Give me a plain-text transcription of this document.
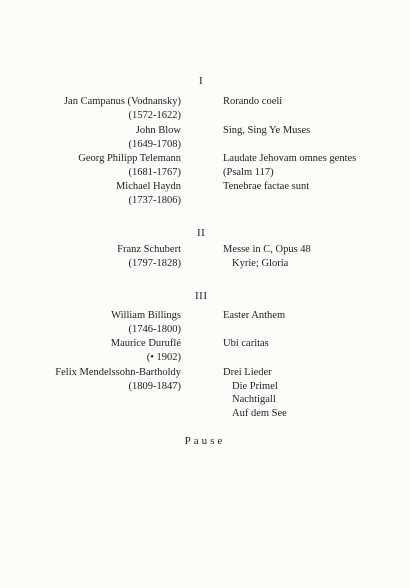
I
Jan Campanus (Vodnansky)
(1572-1622)
Rorando coeli
John Blow
(1649-1708)
Sing, Sing Ye Muses
Georg Philipp Telemann
(1681-1767)
Laudate Jehovam omnes gentes
(Psalm 117)
Michael Haydn
(1737-1806)
Tenebrae factae sunt
II
Franz Schubert
(1797-1828)
Messe in C, Opus 48
Kyrie; Gloria
III
William Billings
(1746-1800)
Easter Anthem
Maurice Duruflé
(• 1902)
Ubi caritas
Felix Mendelssohn-Bartholdy
(1809-1847)
Drei Lieder
Die Primel
Nachtigall
Auf dem See
Pause
